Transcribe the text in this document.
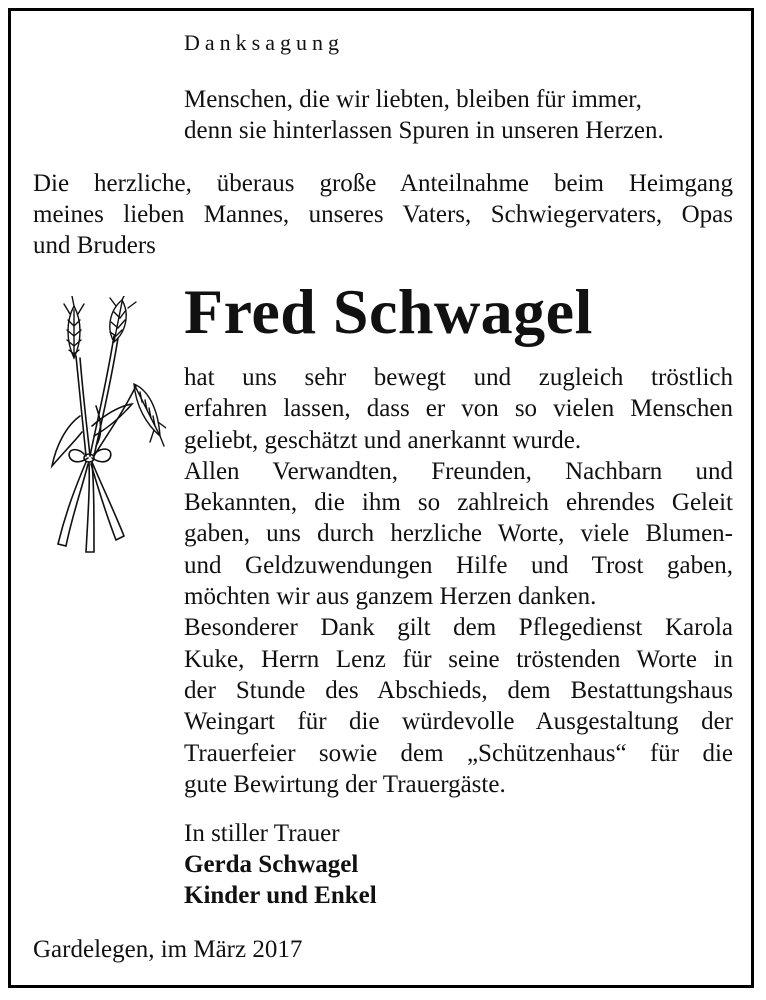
Danksagung
Menschen, die wir liebten, bleiben für immer,
denn sie hinterlassen Spuren in unseren Herzen.
Die herzliche, überaus große Anteilnahme beim Heimgang
meines lieben Mannes, unseres Vaters, Schwiegervaters, Opas
und Bruders
Fred Schwagel
hat uns sehr bewegt und zugleich tröstlich
erfahren lassen, dass er von so vielen Menschen
geliebt, geschätzt und anerkannt wurde.
Allen Verwandten, Freunden, Nachbarn und
Bekannten, die ihm so zahlreich ehrendes Geleit
gaben, uns durch herzliche Worte, viele Blumen-
und Geldzuwendungen Hilfe und Trost gaben,
möchten wir aus ganzem Herzen danken.
Besonderer Dank gilt dem Pflegedienst Karola
Kuke, Herrn Lenz für seine tröstenden Worte in
der Stunde des Abschieds, dem Bestattungshaus
Weingart für die würdevolle Ausgestaltung der
Trauerfeier sowie dem „Schützenhaus“ für die
gute Bewirtung der Trauergäste.
In stiller Trauer
Gerda Schwagel
Kinder und Enkel
Gardelegen, im März 2017
